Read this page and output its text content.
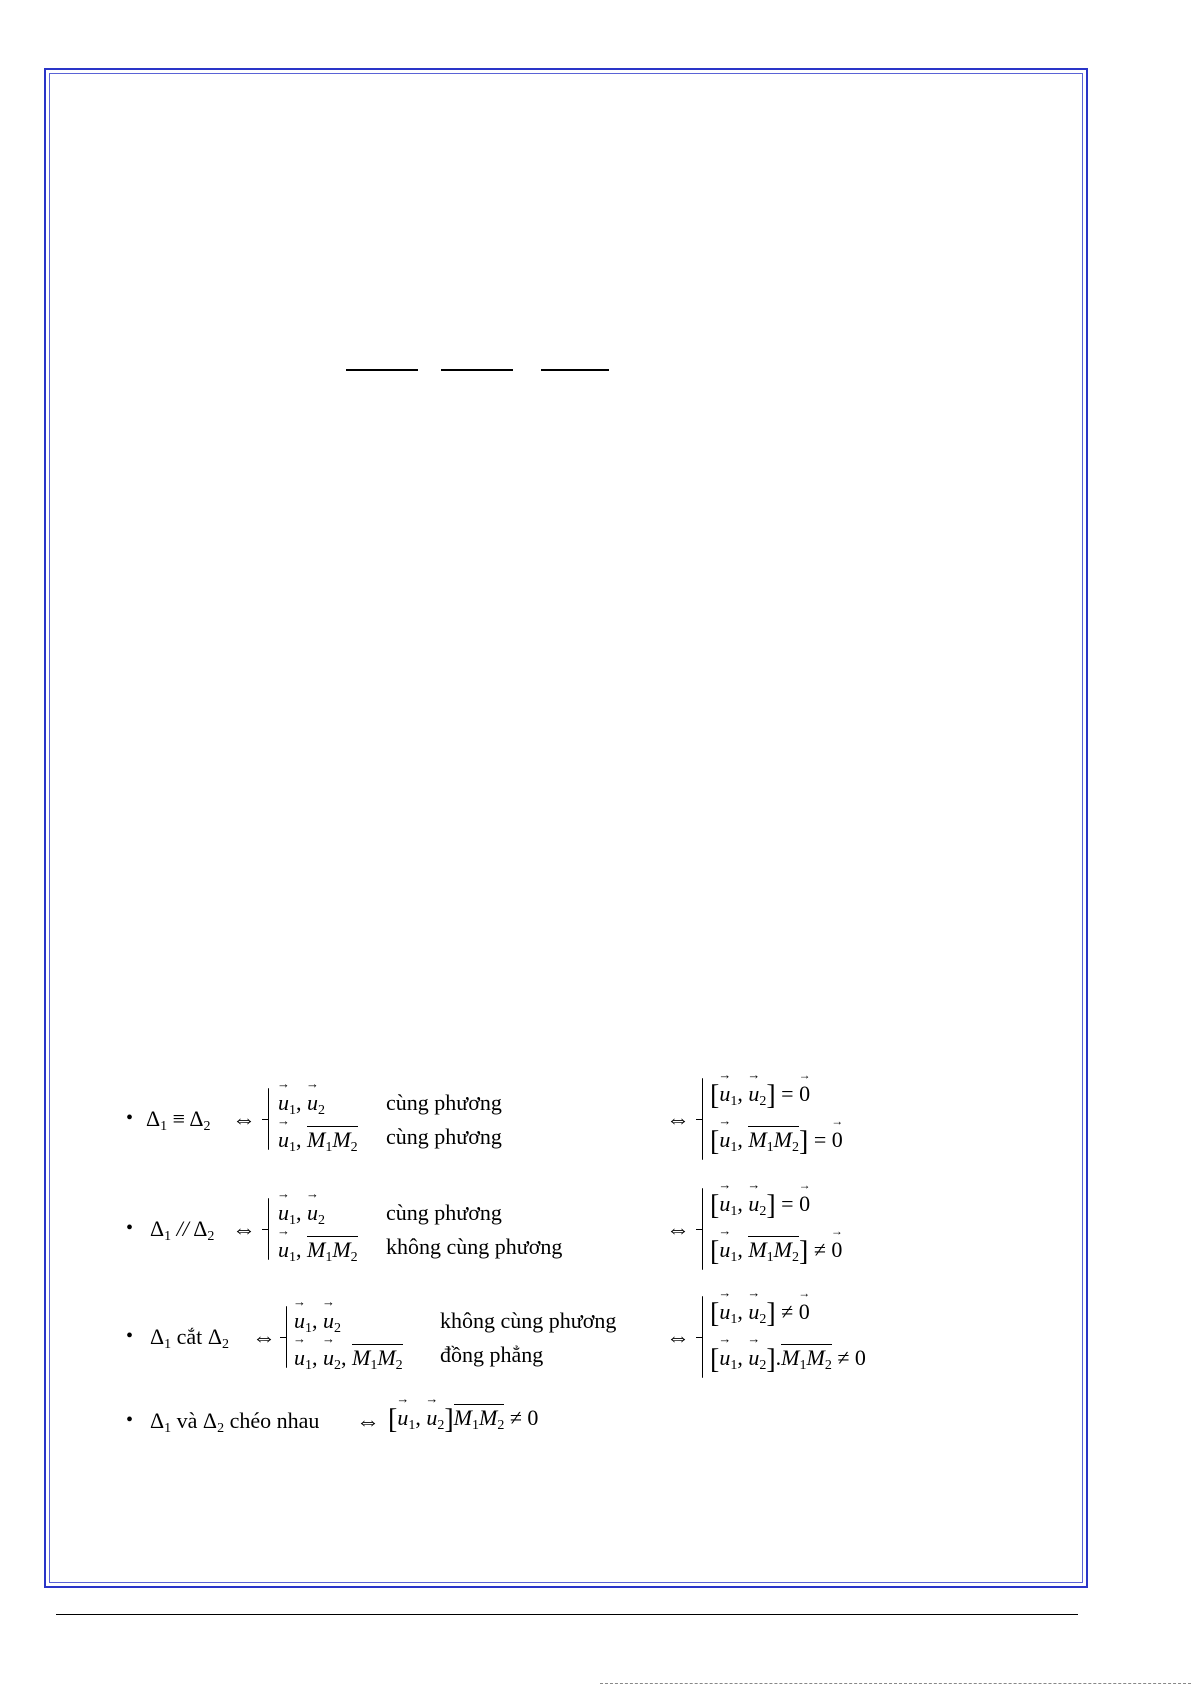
• $\Delta_1 \equiv \Delta_2$ ⇔
→ $u_1$, → $u_2$	cùng phương
→ $u_1$, $M_1M_2$ cùng phương
⇔
[→ $u_1$, → $u_2$] = → 0
[→ $u_1$, $M_1M_2$] = → 0
• $\Delta_1 // \Delta_2$ ⇔
→ $u_1$, → $u_2$	cùng phương
→ $u_1$, $M_1M_2$ không cùng phương
⇔
[→ $u_1$, → $u_2$] = → 0
[→ $u_1$, $M_1M_2$] ≠ → 0
• $\Delta_1$ cắt $\Delta_2$ ⇔
→ $u_1$, → $u_2$	không cùng phương
→ $u_1$, → $u_2$, $M_1M_2$ đồng phẳng
⇔
[→ $u_1$, → $u_2$] ≠ → 0
[→ $u_1$, → $u_2].M_1M_2 \ne 0$
• $\Delta_1$ và $\Delta_2$ chéo nhau ⇔ [→ $u_1$, → $u_2]M_1M_2 \ne 0$
